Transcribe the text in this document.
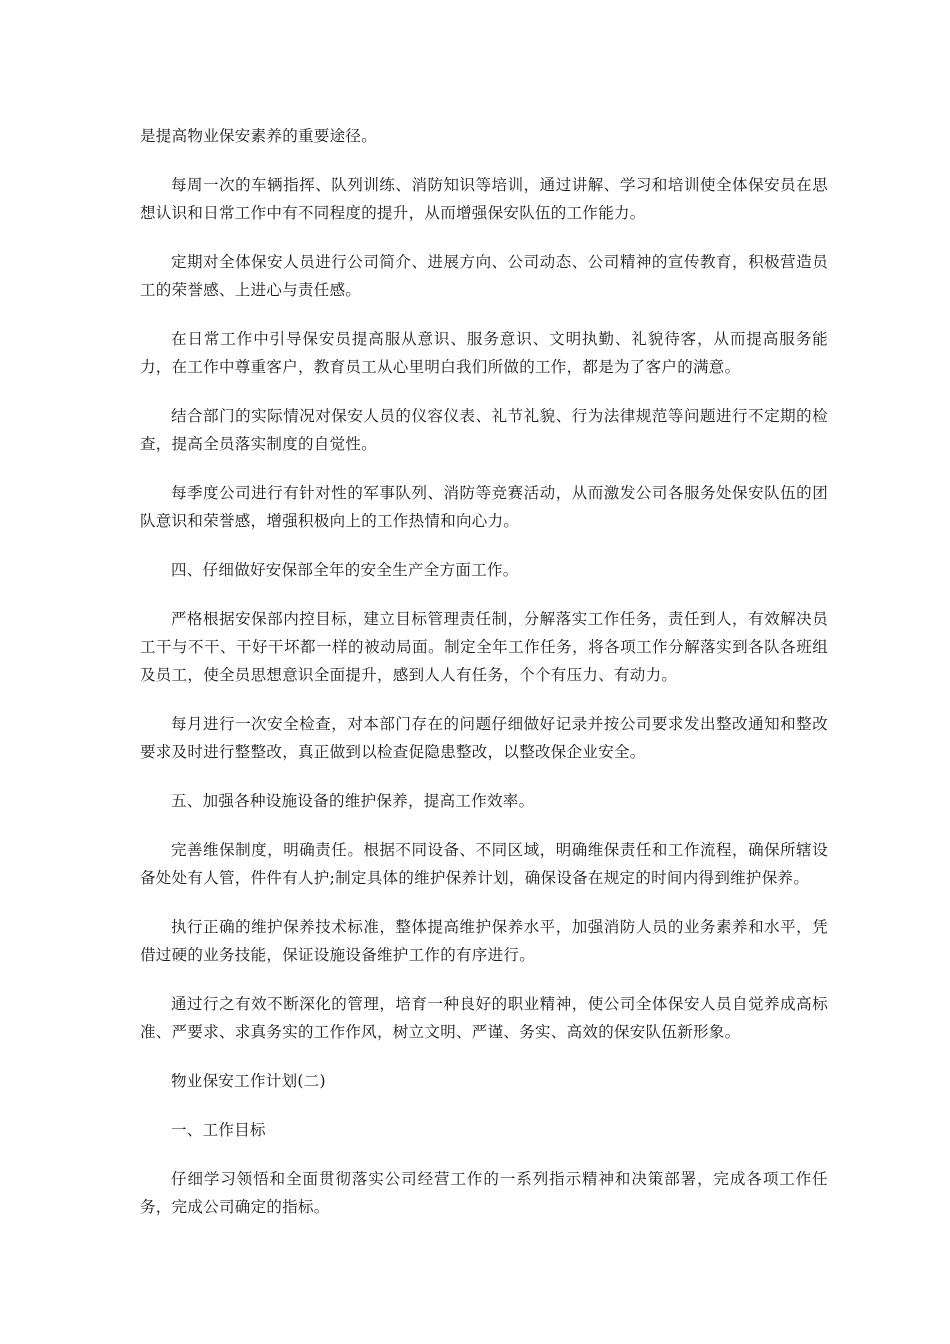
是提高物业保安素养的重要途径。

每周一次的车辆指挥、队列训练、消防知识等培训，通过讲解、学习和培训使全体保安员在思想认识和日常工作中有不同程度的提升，从而增强保安队伍的工作能力。

定期对全体保安人员进行公司简介、进展方向、公司动态、公司精神的宣传教育，积极营造员工的荣誉感、上进心与责任感。

在日常工作中引导保安员提高服从意识、服务意识、文明执勤、礼貌待客，从而提高服务能力，在工作中尊重客户，教育员工从心里明白我们所做的工作，都是为了客户的满意。

结合部门的实际情况对保安人员的仪容仪表、礼节礼貌、行为法律规范等问题进行不定期的检查，提高全员落实制度的自觉性。

每季度公司进行有针对性的军事队列、消防等竞赛活动，从而激发公司各服务处保安队伍的团队意识和荣誉感，增强积极向上的工作热情和向心力。

四、仔细做好安保部全年的安全生产全方面工作。

严格根据安保部内控目标，建立目标管理责任制，分解落实工作任务，责任到人，有效解决员工干与不干、干好干坏都一样的被动局面。制定全年工作任务，将各项工作分解落实到各队各班组及员工，使全员思想意识全面提升，感到人人有任务，个个有压力、有动力。

每月进行一次安全检查，对本部门存在的问题仔细做好记录并按公司要求发出整改通知和整改要求及时进行整整改，真正做到以检查促隐患整改，以整改保企业安全。

五、加强各种设施设备的维护保养，提高工作效率。

完善维保制度，明确责任。根据不同设备、不同区域，明确维保责任和工作流程，确保所辖设备处处有人管，件件有人护;制定具体的维护保养计划，确保设备在规定的时间内得到维护保养。

执行正确的维护保养技术标准，整体提高维护保养水平，加强消防人员的业务素养和水平，凭借过硬的业务技能，保证设施设备维护工作的有序进行。

通过行之有效不断深化的管理，培育一种良好的职业精神，使公司全体保安人员自觉养成高标准、严要求、求真务实的工作作风，树立文明、严谨、务实、高效的保安队伍新形象。

物业保安工作计划(二)

一、工作目标

仔细学习领悟和全面贯彻落实公司经营工作的一系列指示精神和决策部署，完成各项工作任务，完成公司确定的指标。
